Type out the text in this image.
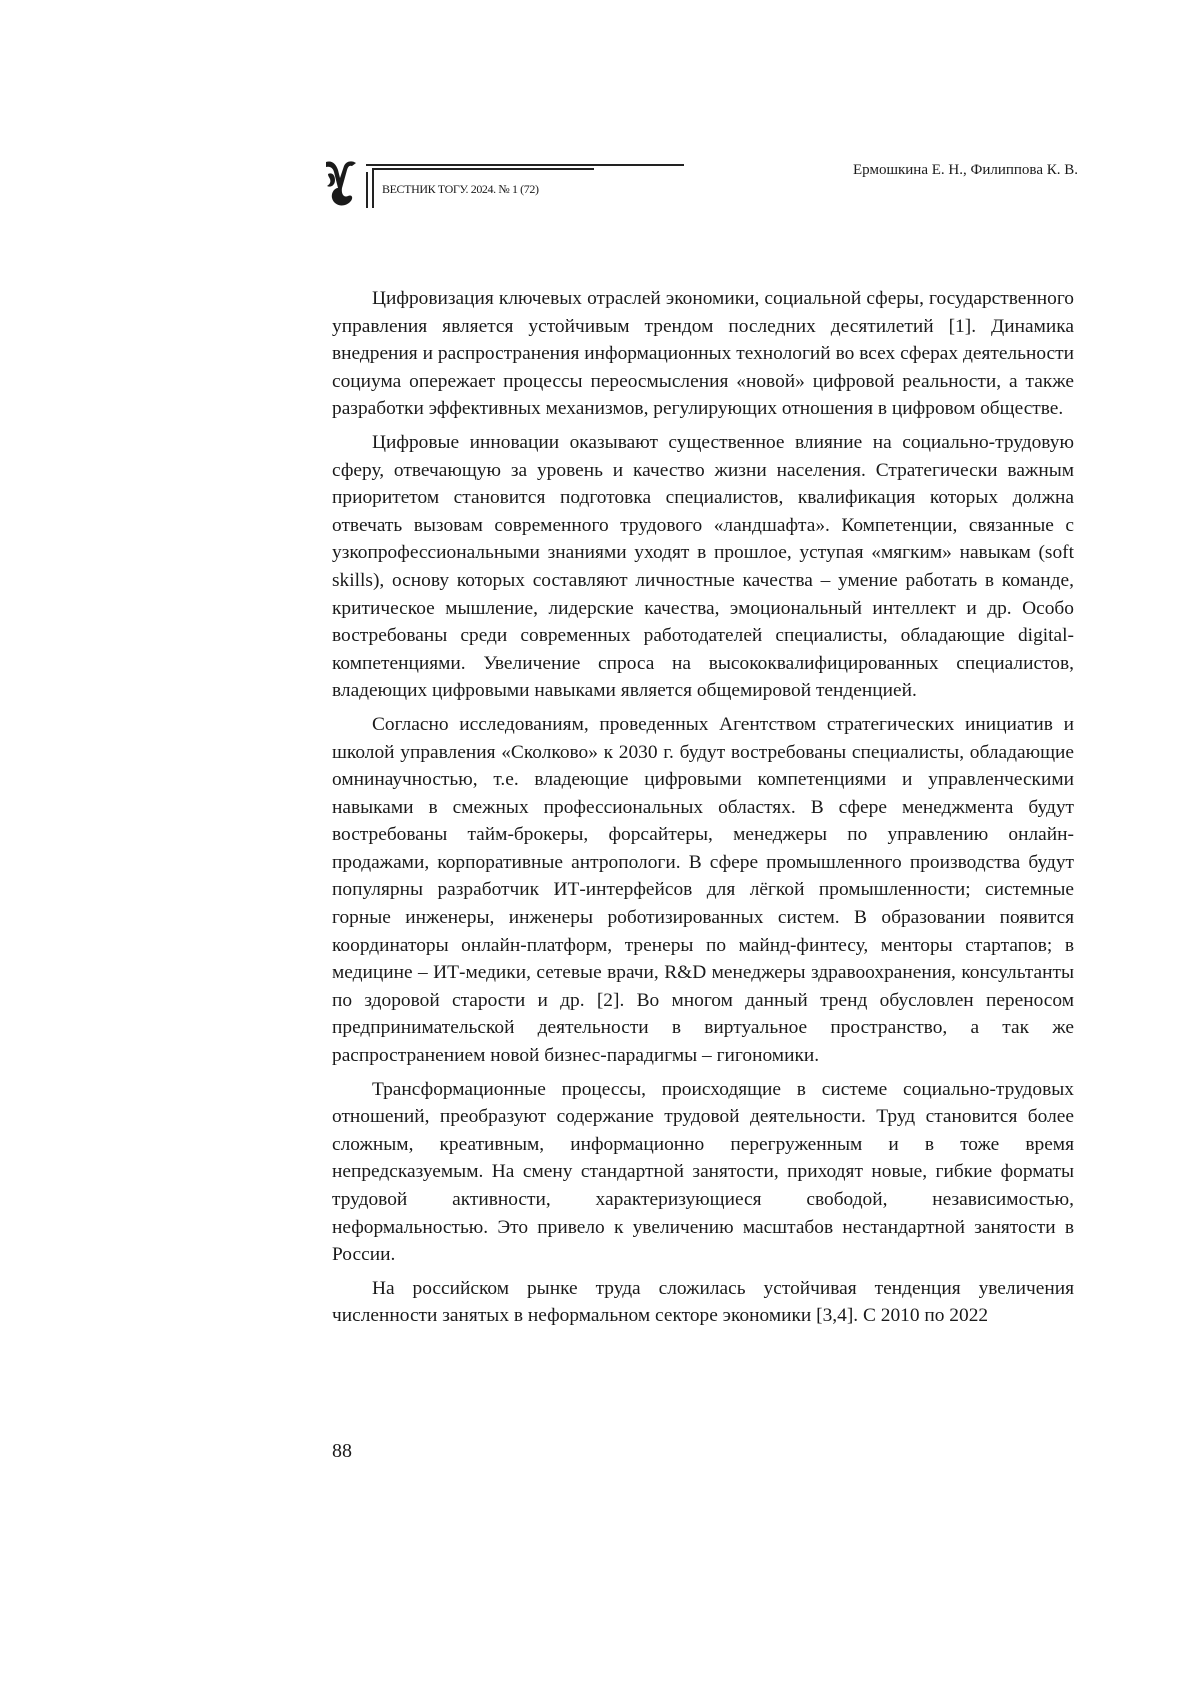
ВЕСТНИК ТОГУ. 2024. № 1 (72)
Ермошкина Е. Н., Филиппова К. В.

Цифровизация ключевых отраслей экономики, социальной сферы, государственного управления является устойчивым трендом последних десятилетий [1]. Динамика внедрения и распространения информационных технологий во всех сферах деятельности социума опережает процессы переосмысления «новой» цифровой реальности, а также разработки эффективных механизмов, регулирующих отношения в цифровом обществе.

Цифровые инновации оказывают существенное влияние на социально-трудовую сферу, отвечающую за уровень и качество жизни населения. Стратегически важным приоритетом становится подготовка специалистов, квалификация которых должна отвечать вызовам современного трудового «ландшафта». Компетенции, связанные с узкопрофессиональными знаниями уходят в прошлое, уступая «мягким» навыкам (soft skills), основу которых составляют личностные качества – умение работать в команде, критическое мышление, лидерские качества, эмоциональный интеллект и др. Особо востребованы среди современных работодателей специалисты, обладающие digital-компетенциями. Увеличение спроса на высококвалифицированных специалистов, владеющих цифровыми навыками является общемировой тенденцией.

Согласно исследованиям, проведенных Агентством стратегических инициатив и школой управления «Сколково» к 2030 г. будут востребованы специалисты, обладающие омнинаучностью, т.е. владеющие цифровыми компетенциями и управленческими навыками в смежных профессиональных областях. В сфере менеджмента будут востребованы тайм-брокеры, форсайтеры, менеджеры по управлению онлайн-продажами, корпоративные антропологи. В сфере промышленного производства будут популярны разработчик ИТ-интерфейсов для лёгкой промышленности; системные горные инженеры, инженеры роботизированных систем. В образовании появится координаторы онлайн-платформ, тренеры по майнд-финтесу, менторы стартапов; в медицине – ИТ-медики, сетевые врачи, R&D менеджеры здравоохранения, консультанты по здоровой старости и др. [2]. Во многом данный тренд обусловлен переносом предпринимательской деятельности в виртуальное пространство, а так же распространением новой бизнес-парадигмы – гигономики.

Трансформационные процессы, происходящие в системе социально-трудовых отношений, преобразуют содержание трудовой деятельности. Труд становится более сложным, креативным, информационно перегруженным и в тоже время непредсказуемым. На смену стандартной занятости, приходят новые, гибкие форматы трудовой активности, характеризующиеся свободой, независимостью, неформальностью. Это привело к увеличению масштабов нестандартной занятости в России.

На российском рынке труда сложилась устойчивая тенденция увеличения численности занятых в неформальном секторе экономики [3,4]. С 2010 по 2022

88
